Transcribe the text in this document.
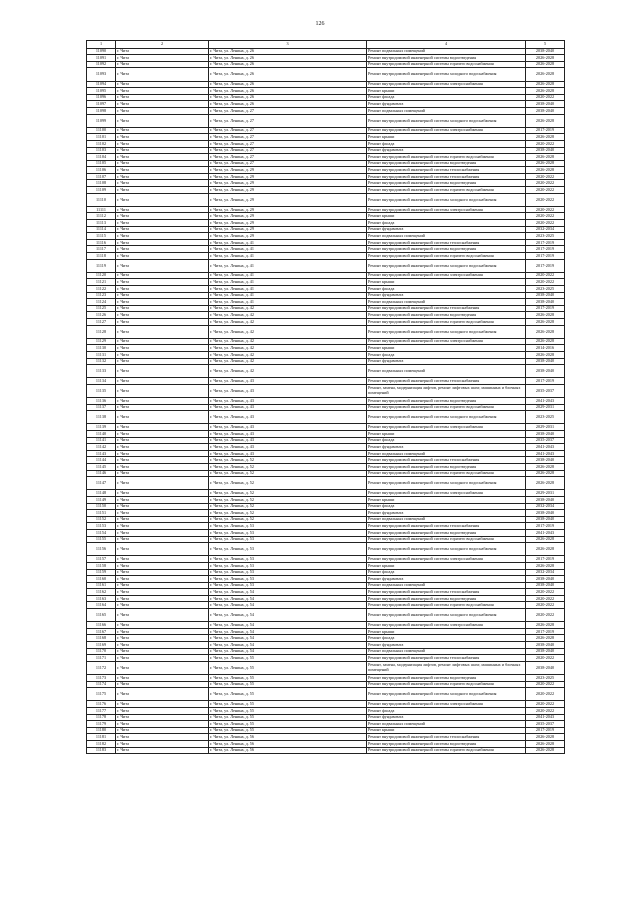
126
1	2	3	4	5
11090	г. Чита	г. Чита, ул. Ленина, д. 26	Ремонт подвальных помещений	2038-2040
11091	г. Чита	г. Чита, ул. Ленина, д. 26	Ремонт внутридомовой инженерной системы водоотведения	2026-2028
11092	г. Чита	г. Чита, ул. Ленина, д. 26	Ремонт внутридомовой инженерной системы горячего водоснабжения	2026-2028
11093	г. Чита	г. Чита, ул. Ленина, д. 26	Ремонт внутридомовой инженерной системы холодного водоснабжения	2026-2028
11094	г. Чита	г. Чита, ул. Ленина, д. 26	Ремонт внутридомовой инженерной системы электроснабжения	2026-2028
11095	г. Чита	г. Чита, ул. Ленина, д. 26	Ремонт крыши	2026-2028
11096	г. Чита	г. Чита, ул. Ленина, д. 26	Ремонт фасада	2020-2022
11097	г. Чита	г. Чита, ул. Ленина, д. 26	Ремонт фундамента	2038-2040
11098	г. Чита	г. Чита, ул. Ленина, д. 27	Ремонт подвальных помещений	2038-2040
11099	г. Чита	г. Чита, ул. Ленина, д. 27	Ремонт внутридомовой инженерной системы холодного водоснабжения	2026-2028
11100	г. Чита	г. Чита, ул. Ленина, д. 27	Ремонт внутридомовой инженерной системы электроснабжения	2017-2019
11101	г. Чита	г. Чита, ул. Ленина, д. 27	Ремонт крыши	2026-2028
11102	г. Чита	г. Чита, ул. Ленина, д. 27	Ремонт фасада	2020-2022
11103	г. Чита	г. Чита, ул. Ленина, д. 27	Ремонт фундамента	2038-2040
11104	г. Чита	г. Чита, ул. Ленина, д. 27	Ремонт внутридомовой инженерной системы горячего водоснабжения	2026-2028
11105	г. Чита	г. Чита, ул. Ленина, д. 27	Ремонт внутридомовой инженерной системы водоотведения	2026-2028
11106	г. Чита	г. Чита, ул. Ленина, д. 29	Ремонт внутридомовой инженерной системы теплоснабжения	2026-2028
11107	г. Чита	г. Чита, ул. Ленина, д. 29	Ремонт внутридомовой инженерной системы теплоснабжения	2020-2022
11108	г. Чита	г. Чита, ул. Ленина, д. 29	Ремонт внутридомовой инженерной системы водоотведения	2020-2022
11109	г. Чита	г. Чита, ул. Ленина, д. 29	Ремонт внутридомовой инженерной системы горячего водоснабжения	2020-2022
11110	г. Чита	г. Чита, ул. Ленина, д. 29	Ремонт внутридомовой инженерной системы холодного водоснабжения	2020-2022
11111	г. Чита	г. Чита, ул. Ленина, д. 29	Ремонт внутридомовой инженерной системы электроснабжения	2020-2022
11112	г. Чита	г. Чита, ул. Ленина, д. 29	Ремонт крыши	2020-2022
11113	г. Чита	г. Чита, ул. Ленина, д. 29	Ремонт фасада	2020-2022
11114	г. Чита	г. Чита, ул. Ленина, д. 29	Ремонт фундамента	2032-2034
11115	г. Чита	г. Чита, ул. Ленина, д. 29	Ремонт подвальных помещений	2023-2025
11116	г. Чита	г. Чита, ул. Ленина, д. 41	Ремонт внутридомовой инженерной системы теплоснабжения	2017-2019
11117	г. Чита	г. Чита, ул. Ленина, д. 41	Ремонт внутридомовой инженерной системы водоотведения	2017-2019
11118	г. Чита	г. Чита, ул. Ленина, д. 41	Ремонт внутридомовой инженерной системы горячего водоснабжения	2017-2019
11119	г. Чита	г. Чита, ул. Ленина, д. 41	Ремонт внутридомовой инженерной системы холодного водоснабжения	2017-2019
11120	г. Чита	г. Чита, ул. Ленина, д. 41	Ремонт внутридомовой инженерной системы электроснабжения	2020-2022
11121	г. Чита	г. Чита, ул. Ленина, д. 41	Ремонт крыши	2020-2022
11122	г. Чита	г. Чита, ул. Ленина, д. 41	Ремонт фасада	2023-2025
11123	г. Чита	г. Чита, ул. Ленина, д. 41	Ремонт фундамента	2038-2040
11124	г. Чита	г. Чита, ул. Ленина, д. 41	Ремонт подвальных помещений	2038-2040
11125	г. Чита	г. Чита, ул. Ленина, д. 42	Ремонт внутридомовой инженерной системы теплоснабжения	2017-2019
11126	г. Чита	г. Чита, ул. Ленина, д. 42	Ремонт внутридомовой инженерной системы водоотведения	2026-2028
11127	г. Чита	г. Чита, ул. Ленина, д. 42	Ремонт внутридомовой инженерной системы горячего водоснабжения	2026-2028
11128	г. Чита	г. Чита, ул. Ленина, д. 42	Ремонт внутридомовой инженерной системы холодного водоснабжения	2026-2028
11129	г. Чита	г. Чита, ул. Ленина, д. 42	Ремонт внутридомовой инженерной системы электроснабжения	2026-2028
11130	г. Чита	г. Чита, ул. Ленина, д. 42	Ремонт крыши	2014-2016
11131	г. Чита	г. Чита, ул. Ленина, д. 42	Ремонт фасада	2026-2028
11132	г. Чита	г. Чита, ул. Ленина, д. 42	Ремонт фундамента	2038-2040
11133	г. Чита	г. Чита, ул. Ленина, д. 42	Ремонт подвальных помещений	2038-2040
11134	г. Чита	г. Чита, ул. Ленина, д. 43	Ремонт внутридомовой инженерной системы теплоснабжения	2017-2019
11135	г. Чита	г. Чита, ул. Ленина, д. 43	Ремонт, замена, модернизация лифтов, ремонт лифтовых шахт, машинных и блочных помещений	2035-2037
11136	г. Чита	г. Чита, ул. Ленина, д. 43	Ремонт внутридомовой инженерной системы водоотведения	2041-2043
11137	г. Чита	г. Чита, ул. Ленина, д. 43	Ремонт внутридомовой инженерной системы горячего водоснабжения	2029-2031
11138	г. Чита	г. Чита, ул. Ленина, д. 43	Ремонт внутридомовой инженерной системы холодного водоснабжения	2023-2025
11139	г. Чита	г. Чита, ул. Ленина, д. 43	Ремонт внутридомовой инженерной системы электроснабжения	2029-2031
11140	г. Чита	г. Чита, ул. Ленина, д. 43	Ремонт крыши	2038-2040
11141	г. Чита	г. Чита, ул. Ленина, д. 43	Ремонт фасада	2035-2037
11142	г. Чита	г. Чита, ул. Ленина, д. 43	Ремонт фундамента	2041-2043
11143	г. Чита	г. Чита, ул. Ленина, д. 43	Ремонт подвальных помещений	2041-2043
11144	г. Чита	г. Чита, ул. Ленина, д. 52	Ремонт внутридомовой инженерной системы теплоснабжения	2038-2040
11145	г. Чита	г. Чита, ул. Ленина, д. 52	Ремонт внутридомовой инженерной системы водоотведения	2026-2028
11146	г. Чита	г. Чита, ул. Ленина, д. 52	Ремонт внутридомовой инженерной системы горячего водоснабжения	2026-2028
11147	г. Чита	г. Чита, ул. Ленина, д. 52	Ремонт внутридомовой инженерной системы холодного водоснабжения	2026-2028
11148	г. Чита	г. Чита, ул. Ленина, д. 52	Ремонт внутридомовой инженерной системы электроснабжения	2029-2031
11149	г. Чита	г. Чита, ул. Ленина, д. 52	Ремонт крыши	2038-2040
11150	г. Чита	г. Чита, ул. Ленина, д. 52	Ремонт фасада	2032-2034
11151	г. Чита	г. Чита, ул. Ленина, д. 52	Ремонт фундамента	2038-2040
11152	г. Чита	г. Чита, ул. Ленина, д. 52	Ремонт подвальных помещений	2038-2040
11153	г. Чита	г. Чита, ул. Ленина, д. 53	Ремонт внутридомовой инженерной системы теплоснабжения	2017-2019
11154	г. Чита	г. Чита, ул. Ленина, д. 53	Ремонт внутридомовой инженерной системы водоотведения	2041-2043
11155	г. Чита	г. Чита, ул. Ленина, д. 53	Ремонт внутридомовой инженерной системы горячего водоснабжения	2026-2028
11156	г. Чита	г. Чита, ул. Ленина, д. 53	Ремонт внутридомовой инженерной системы холодного водоснабжения	2026-2028
11157	г. Чита	г. Чита, ул. Ленина, д. 53	Ремонт внутридомовой инженерной системы электроснабжения	2017-2019
11158	г. Чита	г. Чита, ул. Ленина, д. 53	Ремонт крыши	2026-2028
11159	г. Чита	г. Чита, ул. Ленина, д. 53	Ремонт фасада	2032-2034
11160	г. Чита	г. Чита, ул. Ленина, д. 53	Ремонт фундамента	2038-2040
11161	г. Чита	г. Чита, ул. Ленина, д. 53	Ремонт подвальных помещений	2038-2040
11162	г. Чита	г. Чита, ул. Ленина, д. 54	Ремонт внутридомовой инженерной системы теплоснабжения	2020-2022
11163	г. Чита	г. Чита, ул. Ленина, д. 54	Ремонт внутридомовой инженерной системы водоотведения	2020-2022
11164	г. Чита	г. Чита, ул. Ленина, д. 54	Ремонт внутридомовой инженерной системы горячего водоснабжения	2020-2022
11165	г. Чита	г. Чита, ул. Ленина, д. 54	Ремонт внутридомовой инженерной системы холодного водоснабжения	2020-2022
11166	г. Чита	г. Чита, ул. Ленина, д. 54	Ремонт внутридомовой инженерной системы электроснабжения	2026-2028
11167	г. Чита	г. Чита, ул. Ленина, д. 54	Ремонт крыши	2017-2019
11168	г. Чита	г. Чита, ул. Ленина, д. 54	Ремонт фасада	2026-2028
11169	г. Чита	г. Чита, ул. Ленина, д. 54	Ремонт фундамента	2038-2040
11170	г. Чита	г. Чита, ул. Ленина, д. 54	Ремонт подвальных помещений	2038-2040
11171	г. Чита	г. Чита, ул. Ленина, д. 55	Ремонт внутридомовой инженерной системы теплоснабжения	2020-2022
11172	г. Чита	г. Чита, ул. Ленина, д. 55	Ремонт, замена, модернизация лифтов, ремонт лифтовых шахт, машинных и блочных помещений	2038-2040
11173	г. Чита	г. Чита, ул. Ленина, д. 55	Ремонт внутридомовой инженерной системы водоотведения	2023-2025
11174	г. Чита	г. Чита, ул. Ленина, д. 55	Ремонт внутридомовой инженерной системы горячего водоснабжения	2020-2022
11175	г. Чита	г. Чита, ул. Ленина, д. 55	Ремонт внутридомовой инженерной системы холодного водоснабжения	2020-2022
11176	г. Чита	г. Чита, ул. Ленина, д. 55	Ремонт внутридомовой инженерной системы электроснабжения	2020-2022
11177	г. Чита	г. Чита, ул. Ленина, д. 55	Ремонт фасада	2020-2022
11178	г. Чита	г. Чита, ул. Ленина, д. 55	Ремонт фундамента	2041-2043
11179	г. Чита	г. Чита, ул. Ленина, д. 55	Ремонт подвальных помещений	2035-2037
11180	г. Чита	г. Чита, ул. Ленина, д. 55	Ремонт крыши	2017-2019
11181	г. Чита	г. Чита, ул. Ленина, д. 56	Ремонт внутридомовой инженерной системы теплоснабжения	2026-2028
11182	г. Чита	г. Чита, ул. Ленина, д. 56	Ремонт внутридомовой инженерной системы водоотведения	2026-2028
11183	г. Чита	г. Чита, ул. Ленина, д. 56	Ремонт внутридомовой инженерной системы горячего водоснабжения	2026-2028
